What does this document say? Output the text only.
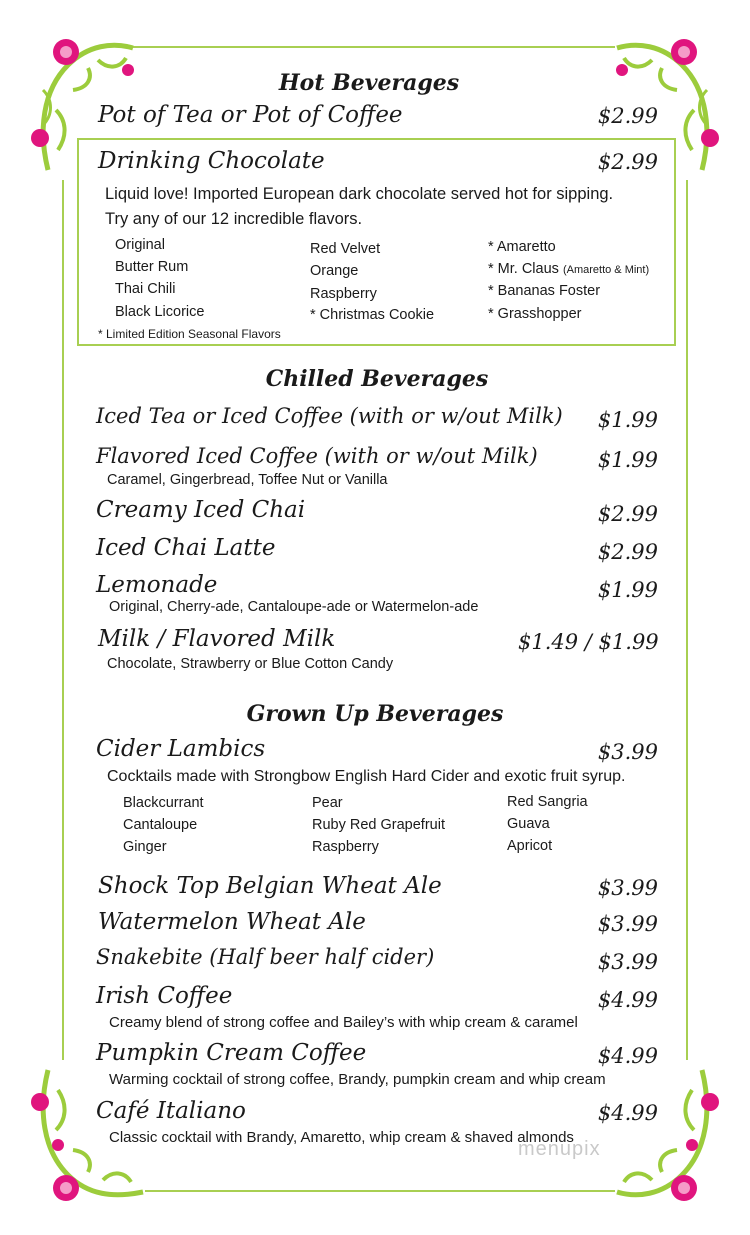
Hot Beverages
Pot of Tea or Pot of Coffee	$2.99
Drinking Chocolate	$2.99
Liquid love! Imported European dark chocolate served hot for sipping.
Try any of our 12 incredible flavors.
Original
Butter Rum
Thai Chili
Black Licorice
Red Velvet
Orange
Raspberry
* Christmas Cookie
* Amaretto
* Mr. Claus (Amaretto & Mint)
* Bananas Foster
* Grasshopper
* Limited Edition Seasonal Flavors
Chilled Beverages
Iced Tea or Iced Coffee (with or w/out Milk)	$1.99
Flavored Iced Coffee (with or w/out Milk)	$1.99
Caramel, Gingerbread, Toffee Nut or Vanilla
Creamy Iced Chai	$2.99
Iced Chai Latte	$2.99
Lemonade	$1.99
Original, Cherry-ade, Cantaloupe-ade or Watermelon-ade
Milk / Flavored Milk	$1.49 / $1.99
Chocolate, Strawberry or Blue Cotton Candy
Grown Up Beverages
Cider Lambics	$3.99
Cocktails made with Strongbow English Hard Cider and exotic fruit syrup.
Blackcurrant
Cantaloupe
Ginger
Pear
Ruby Red Grapefruit
Raspberry
Red Sangria
Guava
Apricot
Shock Top Belgian Wheat Ale	$3.99
Watermelon Wheat Ale	$3.99
Snakebite (Half beer half cider)	$3.99
Irish Coffee	$4.99
Creamy blend of strong coffee and Bailey’s with whip cream & caramel
Pumpkin Cream Coffee	$4.99
Warming cocktail of strong coffee, Brandy, pumpkin cream and whip cream
Café Italiano	$4.99
Classic cocktail with Brandy, Amaretto, whip cream & shaved almonds
menupix
